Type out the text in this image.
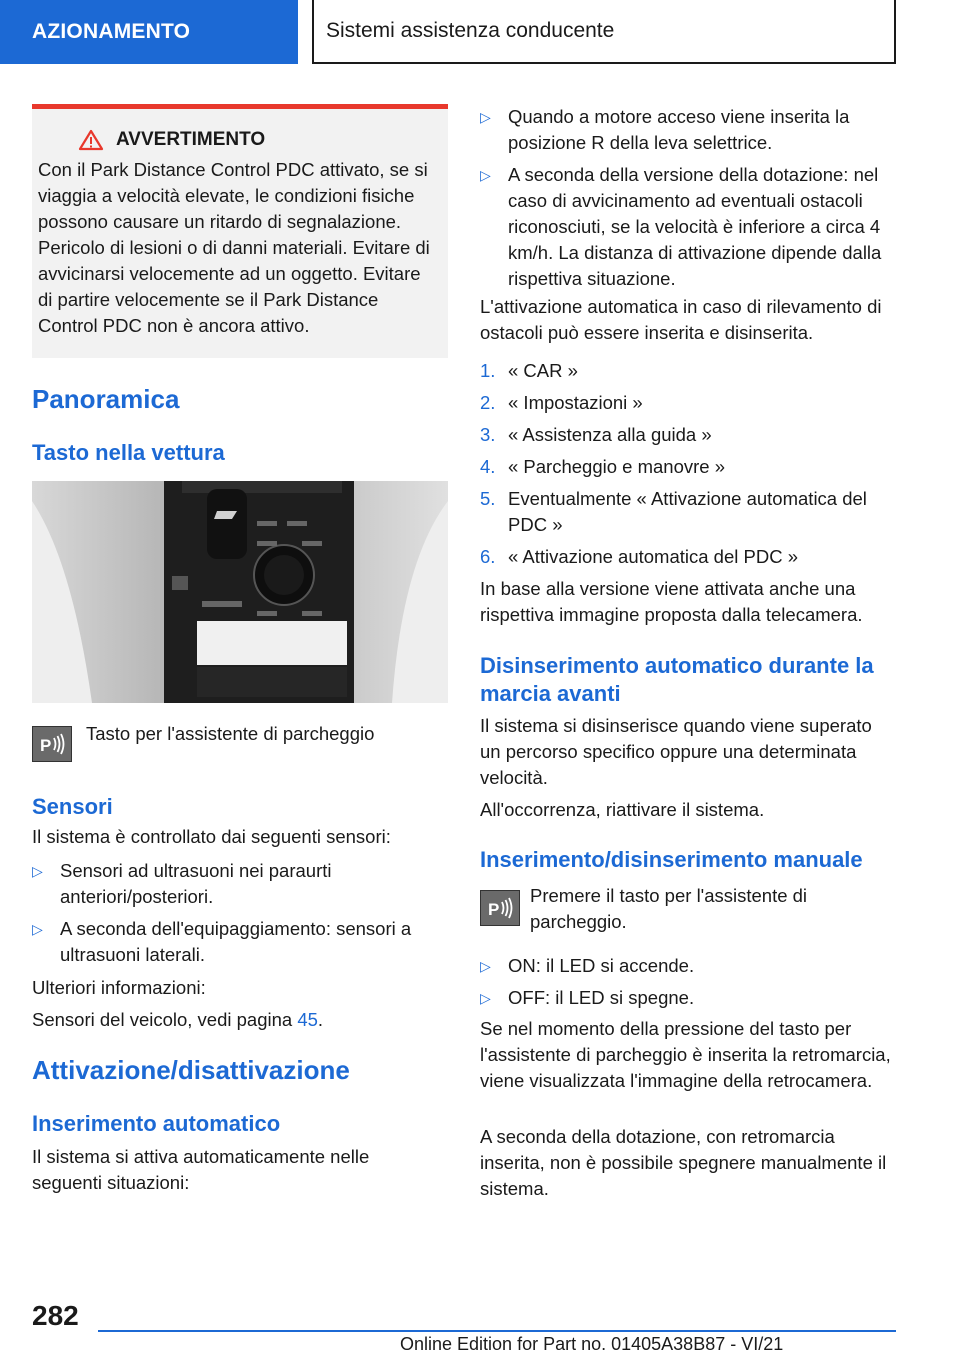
AZIONAMENTO	Sistemi assistenza conducente
AVVERTIMENTO
Con il Park Distance Control PDC attivato, se si viaggia a velocità elevate, le condizioni fisiche possono causare un ritardo di segnalazione. Pericolo di lesioni o di danni materiali. Evitare di avvicinarsi velocemente ad un oggetto. Evitare di partire velocemente se il Park Distance Control PDC non è ancora attivo.
Panoramica
Tasto nella vettura
P
Tasto per l'assistente di parcheggio
Sensori
Il sistema è controllato dai seguenti sensori:
▷ Sensori ad ultrasuoni nei paraurti anteriori/posteriori.
▷ A seconda dell'equipaggiamento: sensori a ultrasuoni laterali.
Ulteriori informazioni:
Sensori del veicolo, vedi pagina 45.
Attivazione/disattivazione
Inserimento automatico
Il sistema si attiva automaticamente nelle seguenti situazioni:
▷ Quando a motore acceso viene inserita la posizione R della leva selettrice.
▷ A seconda della versione della dotazione: nel caso di avvicinamento ad eventuali ostacoli riconosciuti, se la velocità è inferiore a circa 4 km/h. La distanza di attivazione dipende dalla rispettiva situazione.
L'attivazione automatica in caso di rilevamento di ostacoli può essere inserita e disinserita.
1. « CAR »
2. « Impostazioni »
3. « Assistenza alla guida »
4. « Parcheggio e manovre »
5. Eventualmente « Attivazione automatica del PDC »
6. « Attivazione automatica del PDC »
In base alla versione viene attivata anche una rispettiva immagine proposta dalla telecamera.
Disinserimento automatico durante la marcia avanti
Il sistema si disinserisce quando viene superato un percorso specifico oppure una determinata velocità.
All'occorrenza, riattivare il sistema.
Inserimento/disinserimento manuale
P
Premere il tasto per l'assistente di parcheggio.
▷ ON: il LED si accende.
▷ OFF: il LED si spegne.
Se nel momento della pressione del tasto per l'assistente di parcheggio è inserita la retromarcia, viene visualizzata l'immagine della retrocamera.
A seconda della dotazione, con retromarcia inserita, non è possibile spegnere manualmente il sistema.
282
Online Edition for Part no. 01405A38B87 - VI/21
